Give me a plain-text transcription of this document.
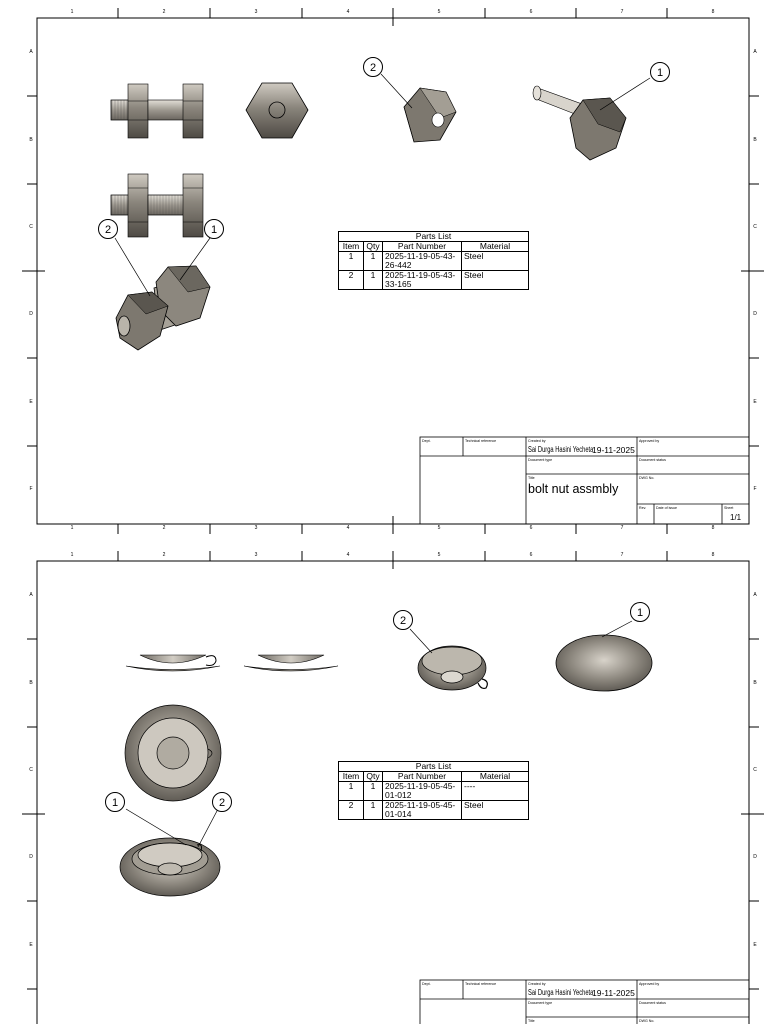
1	2	3	4	5	6	7	8
1	2	3	4	5	6	7	8
A
B
C
D
E
F
A
B
C
D
E
F
2	1
2	1	Parts List			
Item	Qty	Part Number	Material
1	1	2025-11-19-05-43-
26-442	Steel
2	1	2025-11-19-05-43-
33-165	Steel
Dept.	Technical reference	Created by
Sai Durga Hasini Yecheta
19-11-2025
Approved by
Document type	Document status
Title
bolt nut assmbly
DWG No.
Rev.	Date of issue	Sheet
1/1
1	2	3	4	5	6	7	8
A
B
C
D
E
A
B
C
D
E
2
1
1	2
Parts List			
Item	Qty	Part Number	Material
1	1	2025-11-19-05-45-
01-012	----
2	1	2025-11-19-05-45-
01-014	Steel
Dept.	Technical reference	Created by
Sai Durga Hasini Yecheta
19-11-2025
Approved by
Document type	Document status
Title	DWG No.
